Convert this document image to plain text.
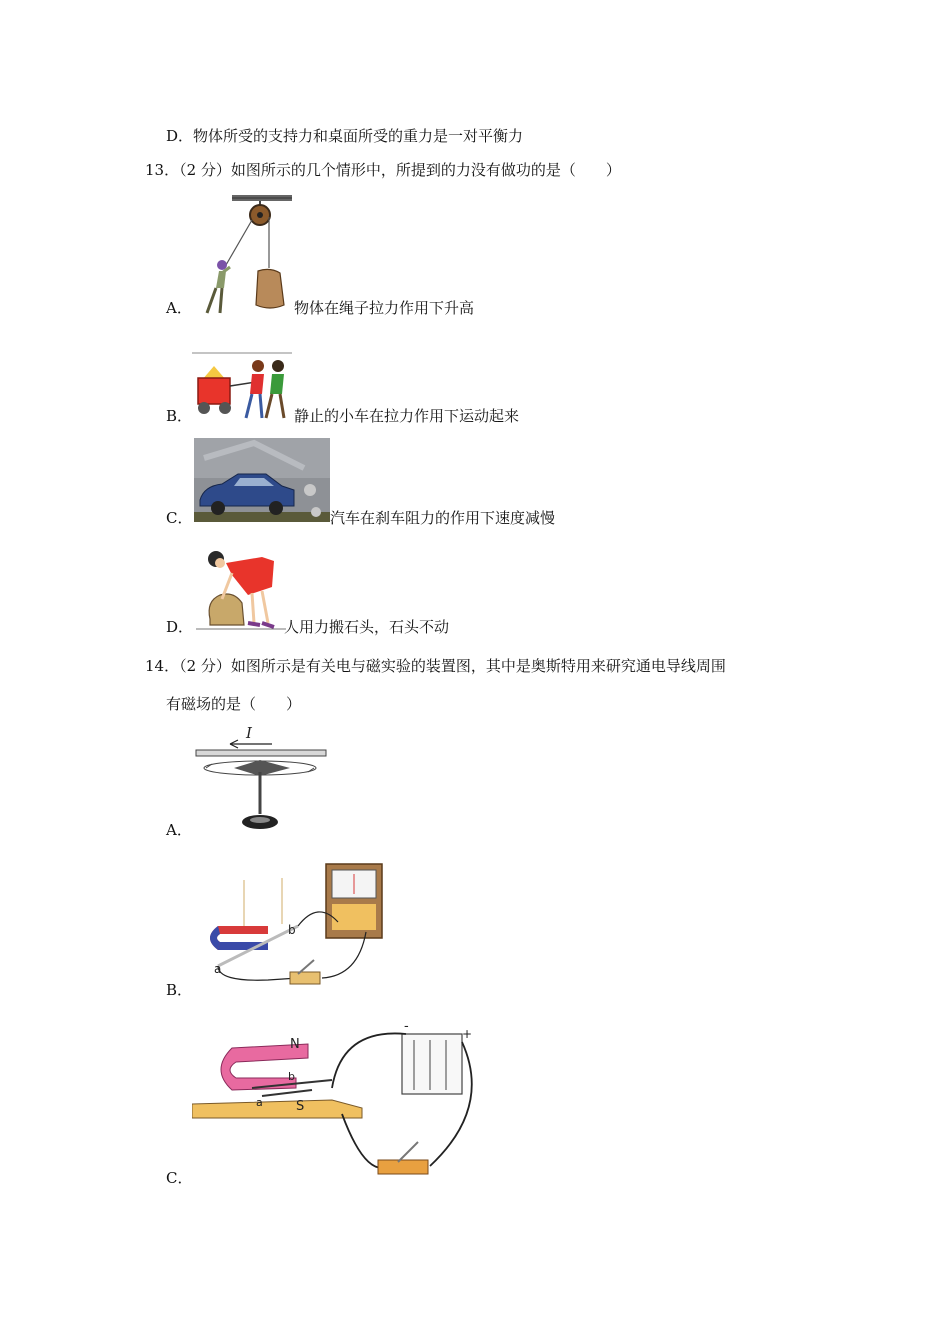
D．物体所受的支持力和桌面所受的重力是一对平衡力
13．（2 分）如图所示的几个情形中，所提到的力没有做功的是（　　）
A．	物体在绳子拉力作用下升高
B．	静止的小车在拉力作用下运动起来
C．	汽车在刹车阻力的作用下速度减慢
D．	人用力搬石头，石头不动
14．（2 分）如图所示是有关电与磁实验的装置图，其中是奥斯特用来研究通电导线周围
有磁场的是（　　）
A．
I
B．
b
a
C．
N
S
a
b
-	+
